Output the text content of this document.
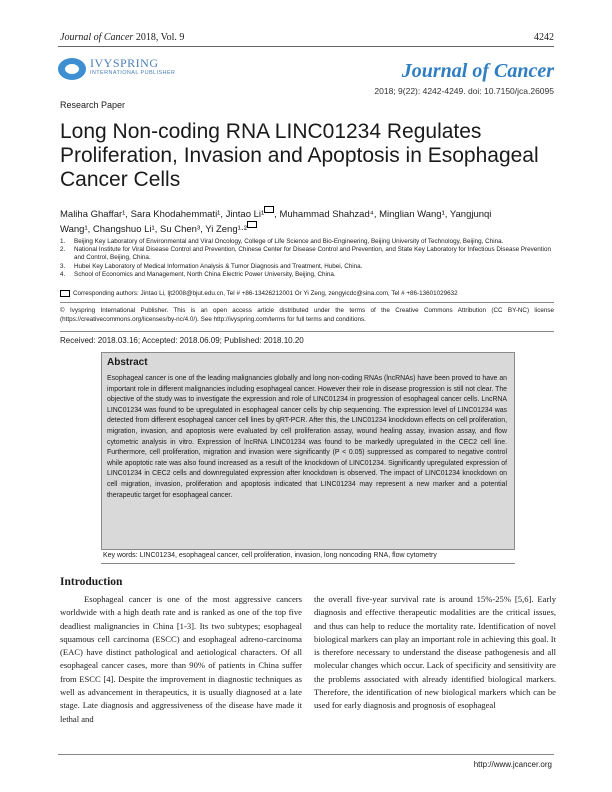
Journal of Cancer 2018, Vol. 9	4242
IVYSPRING
INTERNATIONAL PUBLISHER	Journal of Cancer
2018; 9(22): 4242-4249. doi: 10.7150/jca.26095
Research Paper
Long Non-coding RNA LINC01234 Regulates Proliferation, Invasion and Apoptosis in Esophageal Cancer Cells
Maliha Ghaffar¹, Sara Khodahemmati¹, Jintao Li¹ , Muhammad Shahzad⁴, Minglian Wang¹, Yangjunqi
Wang¹, Changshuo Li¹, Su Chen³, Yi Zeng¹·²
1.	Beijing Key Laboratory of Environmental and Viral Oncology, College of Life Science and Bio-Engineering, Beijing University of Technology, Beijing, China.
2.	National Institute for Viral Disease Control and Prevention, Chinese Center for Disease Control and Prevention, and State Key Laboratory for Infectious Disease Prevention and Control, Beijing, China.
3.	Hubei Key Laboratory of Medical Information Analysis & Tumor Diagnosis and Treatment, Hubei, China.
4.	School of Economics and Management, North China Electric Power University, Beijing, China.
Corresponding authors: Jintao Li, ljt2008@bjut.edu.cn, Tel # +86-13426212001 Or Yi Zeng, zengyicdc@sina.com, Tel # +86-13601029632
© Ivyspring International Publisher. This is an open access article distributed under the terms of the Creative Commons Attribution (CC BY-NC) license (https://creativecommons.org/licenses/by-nc/4.0/). See http://ivyspring.com/terms for full terms and conditions.
Received: 2018.03.16; Accepted: 2018.06.09; Published: 2018.10.20
Abstract
Esophageal cancer is one of the leading malignancies globally and long non-coding RNAs (lncRNAs) have been proved to have an important role in different malignancies including esophageal cancer. However their role in disease progression is still not clear. The objective of the study was to investigate the expression and role of LINC01234 in progression of esophageal cancer cells. LncRNA LINC01234 was found to be upregulated in esophageal cancer cells by chip sequencing. The expression level of LINC01234 was detected from different esophageal cancer cell lines by qRT-PCR. After this, the LINC01234 knockdown effects on cell proliferation, migration, invasion, and apoptosis were evaluated by cell proliferation assay, wound healing assay, invasion assay, and flow cytometric analysis in vitro. Expression of lncRNA LINC01234 was found to be markedly upregulated in the CEC2 cell line. Furthermore, cell proliferation, migration and invasion were significantly (P < 0.05) suppressed as compared to negative control while apoptotic rate was also found increased as a result of the knockdown of LINC01234. Significantly upregulated expression of LINC01234 in CEC2 cells and downregulated expression after knockdown is observed. The impact of LINC01234 knockdown on cell migration, invasion, proliferation and apoptosis indicated that LINC01234 may represent a new marker and a potential therapeutic target for esophageal cancer.
Key words: LINC01234, esophageal cancer, cell proliferation, invasion, long noncoding RNA, flow cytometry
Introduction
Esophageal cancer is one of the most aggressive cancers worldwide with a high death rate and is ranked as one of the top five deadliest malignancies in China [1-3]. Its two subtypes; esophageal squamous cell carcinoma (ESCC) and esophageal adreno-carcinoma (EAC) have distinct pathological and aetiological characters. Of all esophageal cancer cases, more than 90% of patients in China suffer from ESCC [4]. Despite the improvement in diagnostic techniques as well as advancement in therapeutics, it is usually diagnosed at a late stage. Late diagnosis and aggressiveness of the disease have made it lethal and
the overall five-year survival rate is around 15%-25% [5,6]. Early diagnosis and effective therapeutic modalities are the critical issues, and thus can help to reduce the mortality rate. Identification of novel biological markers can play an important role in achieving this goal. It is therefore necessary to understand the disease pathogenesis and all molecular changes which occur. Lack of specificity and sensitivity are the problems associated with already identified biological markers. Therefore, the identification of new biological markers which can be used for early diagnosis and prognosis of esophageal
http://www.jcancer.org
